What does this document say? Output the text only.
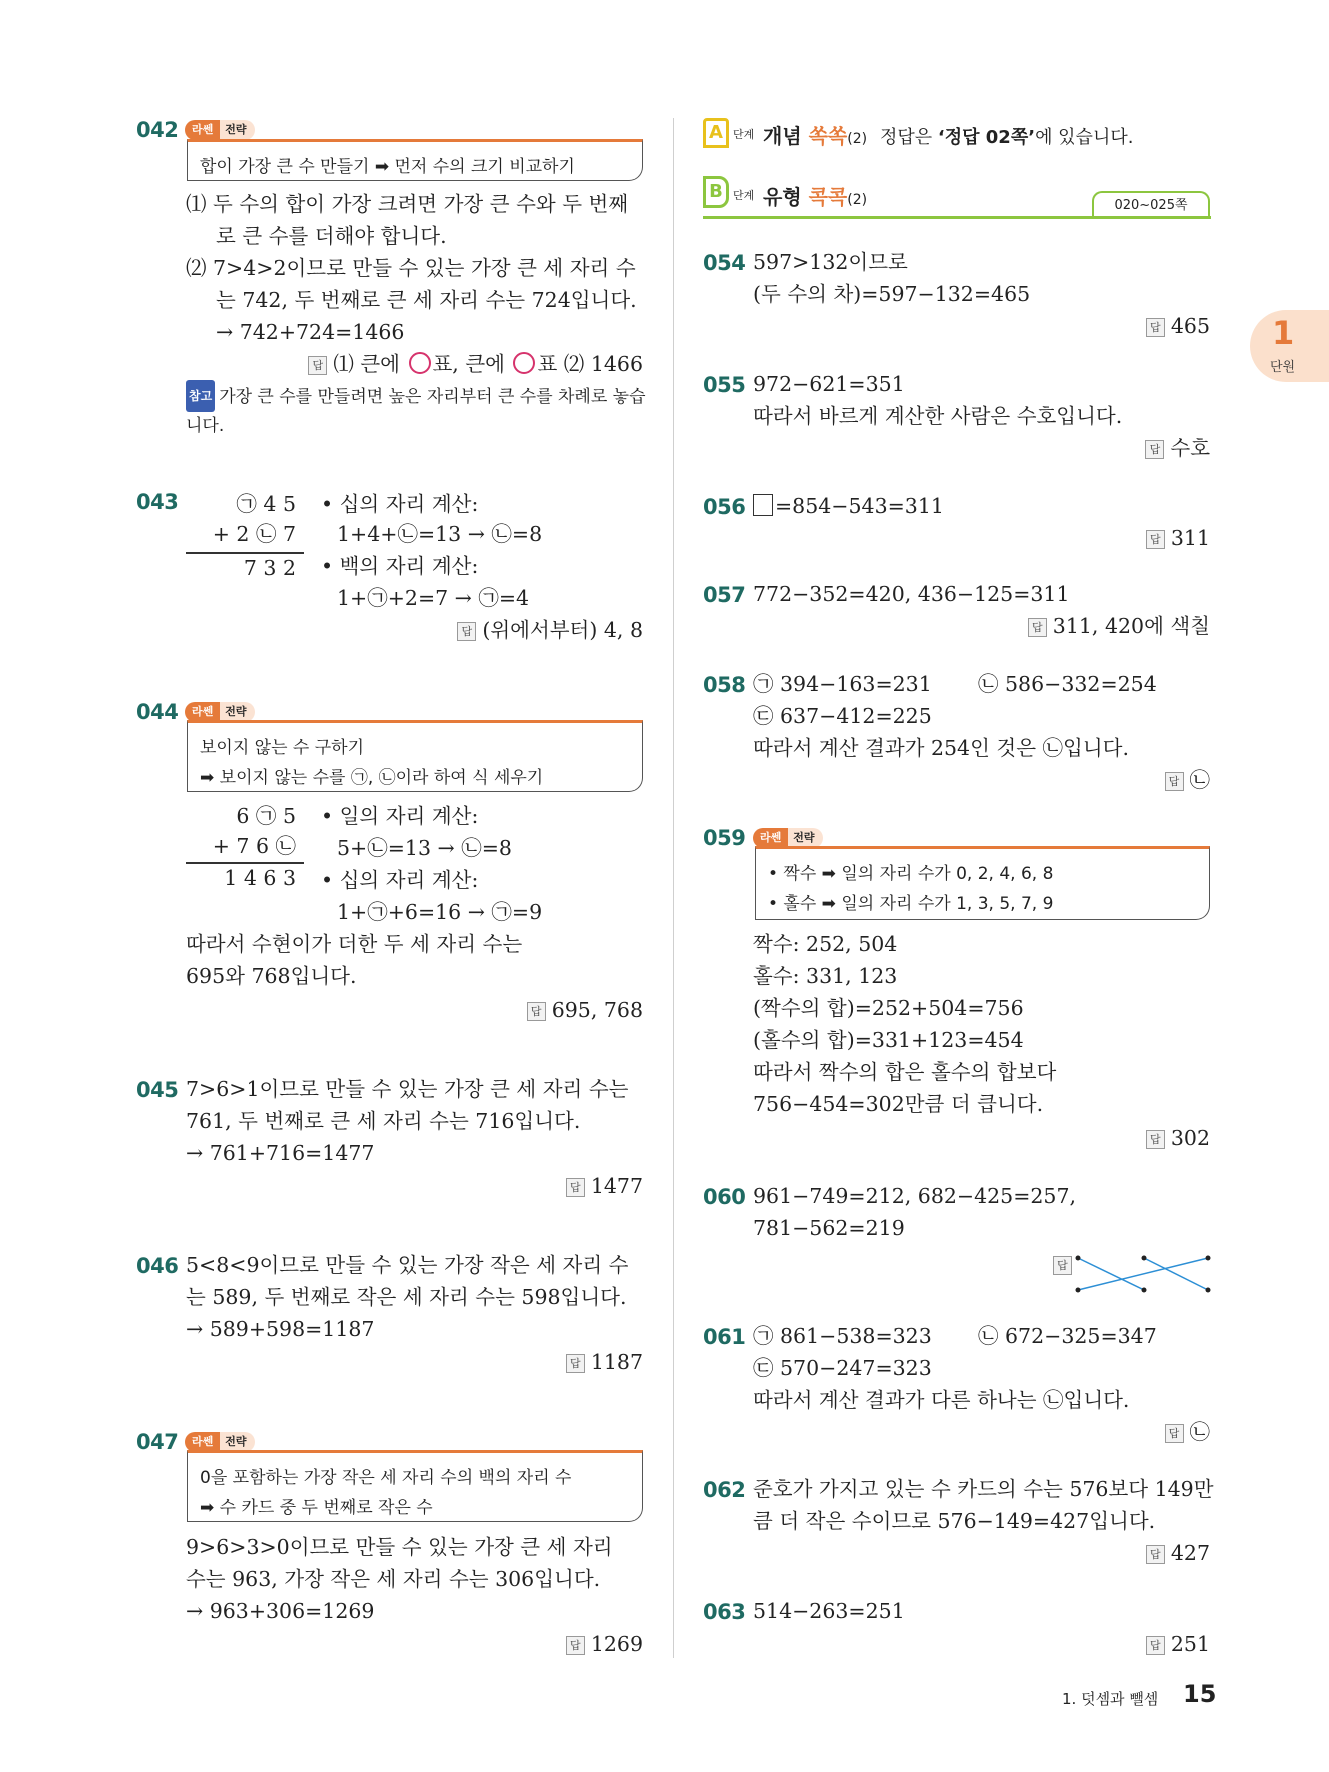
042	라쎈	전략
합이 가장 큰 수 만들기 ➡ 먼저 수의 크기 비교하기
⑴ 두 수의 합이 가장 크려면 가장 큰 수와 두 번째
로 큰 수를 더해야 합니다.
⑵ 7>4>2이므로 만들 수 있는 가장 큰 세 자리 수
는 742, 두 번째로 큰 세 자리 수는 724입니다.
→ 742+724=1466
답 ⑴ 큰에 ○ 표, 큰에 ○ 표 ⑵ 1466
참고 가장 큰 수를 만들려면 높은 자리부터 큰 수를 차례로 놓습
니다.
043	㉠ 4 5
+ 2 ㉡ 7
7 3 2
• 십의 자리 계산:
1+4+㉡=13 → ㉡=8
• 백의 자리 계산:
1+㉠+2=7 → ㉠=4
답 (위에서부터) 4, 8
044	라쎈	전략
보이지 않는 수 구하기
➡ 보이지 않는 수를 ㉠, ㉡이라 하여 식 세우기
6 ㉠ 5
+ 7 6 ㉡
1 4 6 3
• 일의 자리 계산:
5+㉡=13 → ㉡=8
• 십의 자리 계산:
1+㉠+6=16 → ㉠=9
따라서 수현이가 더한 두 세 자리 수는
695와 768입니다.
답 695, 768
045 7>6>1이므로 만들 수 있는 가장 큰 세 자리 수는
761, 두 번째로 큰 세 자리 수는 716입니다.
→ 761+716=1477
답 1477
046 5<8<9이므로 만들 수 있는 가장 작은 세 자리 수
는 589, 두 번째로 작은 세 자리 수는 598입니다.
→ 589+598=1187
답 1187
047	라쎈	전략
0을 포함하는 가장 작은 세 자리 수의 백의 자리 수
➡ 수 카드 중 두 번째로 작은 수
9>6>3>0이므로 만들 수 있는 가장 큰 세 자리
수는 963, 가장 작은 세 자리 수는 306입니다.
→ 963+306=1269
답 1269
A 단계 개념 쏙쏙(2) 정답은 ‘정답 02쪽’에 있습니다.
B 단계 유형 콕콕(2)	020~025쪽
054 597>132이므로
(두 수의 차)=597−132=465
답 465
055 972−621=351
따라서 바르게 계산한 사람은 수호입니다.
답 수호
056	=854−543=311
답 311
057 772−352=420, 436−125=311
답 311, 420에 색칠
058 ㉠ 394−163=231 ㉡ 586−332=254
㉢ 637−412=225
따라서 계산 결과가 254인 것은 ㉡입니다.
답 ㉡
059	라쎈	전략
• 짝수 ➡ 일의 자리 수가 0, 2, 4, 6, 8
• 홀수 ➡ 일의 자리 수가 1, 3, 5, 7, 9
짝수: 252, 504
홀수: 331, 123
(짝수의 합)=252+504=756
(홀수의 합)=331+123=454
따라서 짝수의 합은 홀수의 합보다
756−454=302만큼 더 큽니다.
답 302
060 961−749=212, 682−425=257,
781−562=219
답
061 ㉠ 861−538=323 ㉡ 672−325=347
㉢ 570−247=323
따라서 계산 결과가 다른 하나는 ㉡입니다.
답 ㉡
062 준호가 가지고 있는 수 카드의 수는 576보다 149만
큼 더 작은 수이므로 576−149=427입니다.
답 427
063 514−263=251
답 251
1
단원
1. 덧셈과 뺄셈 15
